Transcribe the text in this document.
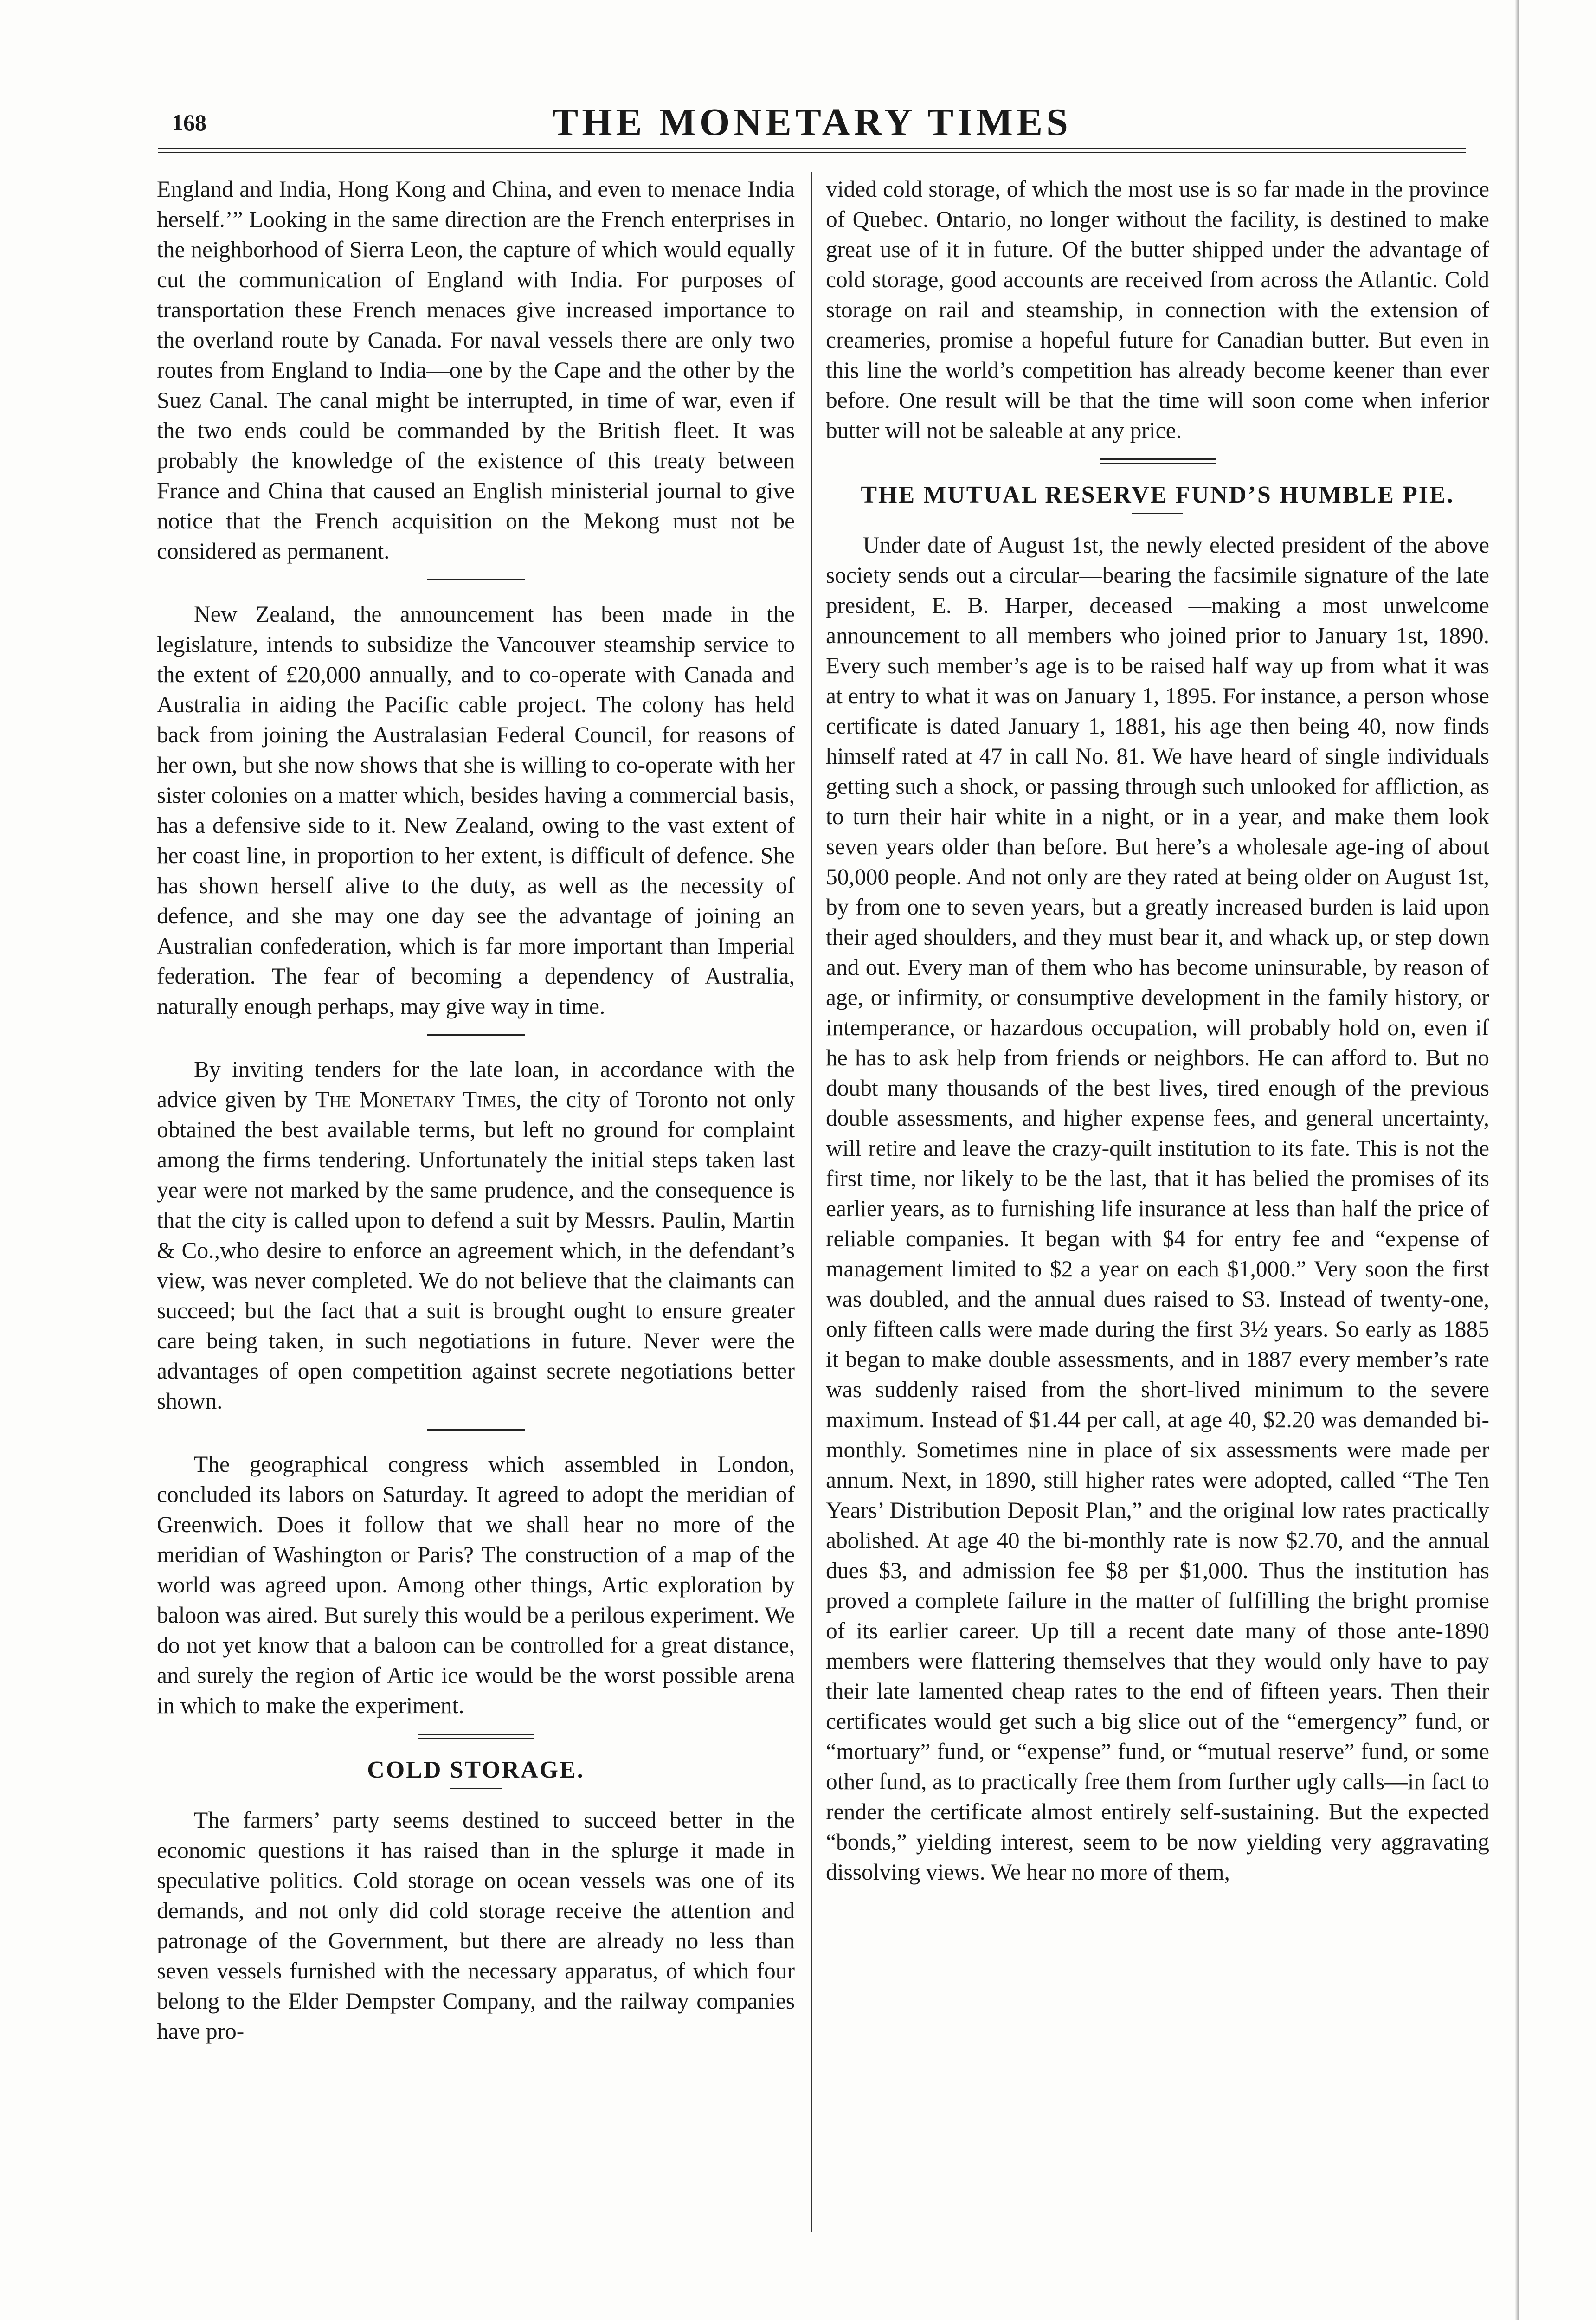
168	THE MONETARY TIMES

England and India, Hong Kong and China, and even to menace India herself.’” Looking in the same direction are the French enterprises in the neighborhood of Sierra Leon, the capture of which would equally cut the communication of England with India. For purposes of transportation these French menaces give increased importance to the overland route by Canada. For naval vessels there are only two routes from England to India—one by the Cape and the other by the Suez Canal. The canal might be interrupted, in time of war, even if the two ends could be commanded by the British fleet. It was probably the knowledge of the existence of this treaty between France and China that caused an English ministerial journal to give notice that the French acquisition on the Mekong must not be considered as permanent.

New Zealand, the announcement has been made in the legislature, intends to subsidize the Vancouver steamship service to the extent of £20,000 annually, and to co-operate with Canada and Australia in aiding the Pacific cable project. The colony has held back from joining the Australasian Federal Council, for reasons of her own, but she now shows that she is willing to co-operate with her sister colonies on a matter which, besides having a commercial basis, has a defensive side to it. New Zealand, owing to the vast extent of her coast line, in proportion to her extent, is difficult of defence. She has shown herself alive to the duty, as well as the necessity of defence, and she may one day see the advantage of joining an Australian confederation, which is far more important than Imperial federation. The fear of becoming a dependency of Australia, naturally enough perhaps, may give way in time.

By inviting tenders for the late loan, in accordance with the advice given by The Monetary Times, the city of Toronto not only obtained the best available terms, but left no ground for complaint among the firms tendering. Unfortunately the initial steps taken last year were not marked by the same prudence, and the consequence is that the city is called upon to defend a suit by Messrs. Paulin, Martin & Co.,who desire to enforce an agreement which, in the defendant’s view, was never completed. We do not believe that the claimants can succeed; but the fact that a suit is brought ought to ensure greater care being taken, in such negotiations in future. Never were the advantages of open competition against secrete negotiations better shown.

The geographical congress which assembled in London, concluded its labors on Saturday. It agreed to adopt the meridian of Greenwich. Does it follow that we shall hear no more of the meridian of Washington or Paris? The construction of a map of the world was agreed upon. Among other things, Artic exploration by baloon was aired. But surely this would be a perilous experiment. We do not yet know that a baloon can be controlled for a great distance, and surely the region of Artic ice would be the worst possible arena in which to make the experiment.

COLD STORAGE.

The farmers’ party seems destined to succeed better in the economic questions it has raised than in the splurge it made in speculative politics. Cold storage on ocean vessels was one of its demands, and not only did cold storage receive the attention and patronage of the Government, but there are already no less than seven vessels furnished with the necessary apparatus, of which four belong to the Elder Dempster Company, and the railway companies have pro-

vided cold storage, of which the most use is so far made in the province of Quebec. Ontario, no longer without the facility, is destined to make great use of it in future. Of the butter shipped under the advantage of cold storage, good accounts are received from across the Atlantic. Cold storage on rail and steamship, in connection with the extension of creameries, promise a hopeful future for Canadian butter. But even in this line the world’s competition has already become keener than ever before. One result will be that the time will soon come when inferior butter will not be saleable at any price.

THE MUTUAL RESERVE FUND’S HUMBLE PIE.

Under date of August 1st, the newly elected president of the above society sends out a circular—bearing the facsimile signature of the late president, E. B. Harper, deceased —making a most unwelcome announcement to all members who joined prior to January 1st, 1890. Every such member’s age is to be raised half way up from what it was at entry to what it was on January 1, 1895. For instance, a person whose certificate is dated January 1, 1881, his age then being 40, now finds himself rated at 47 in call No. 81. We have heard of single individuals getting such a shock, or passing through such unlooked for affliction, as to turn their hair white in a night, or in a year, and make them look seven years older than before. But here’s a wholesale age-ing of about 50,000 people. And not only are they rated at being older on August 1st, by from one to seven years, but a greatly increased burden is laid upon their aged shoulders, and they must bear it, and whack up, or step down and out. Every man of them who has become uninsurable, by reason of age, or infirmity, or consumptive development in the family history, or intemperance, or hazardous occupation, will probably hold on, even if he has to ask help from friends or neighbors. He can afford to. But no doubt many thousands of the best lives, tired enough of the previous double assessments, and higher expense fees, and general uncertainty, will retire and leave the crazy-quilt institution to its fate. This is not the first time, nor likely to be the last, that it has belied the promises of its earlier years, as to furnishing life insurance at less than half the price of reliable companies. It began with $4 for entry fee and “expense of management limited to $2 a year on each $1,000.” Very soon the first was doubled, and the annual dues raised to $3. Instead of twenty-one, only fifteen calls were made during the first 3½ years. So early as 1885 it began to make double assessments, and in 1887 every member’s rate was suddenly raised from the short-lived minimum to the severe maximum. Instead of $1.44 per call, at age 40, $2.20 was demanded bi-monthly. Sometimes nine in place of six assessments were made per annum. Next, in 1890, still higher rates were adopted, called “The Ten Years’ Distribution Deposit Plan,” and the original low rates practically abolished. At age 40 the bi-monthly rate is now $2.70, and the annual dues $3, and admission fee $8 per $1,000. Thus the institution has proved a complete failure in the matter of fulfilling the bright promise of its earlier career. Up till a recent date many of those ante-1890 members were flattering themselves that they would only have to pay their late lamented cheap rates to the end of fifteen years. Then their certificates would get such a big slice out of the “emergency” fund, or “mortuary” fund, or “expense” fund, or “mutual reserve” fund, or some other fund, as to practically free them from further ugly calls—in fact to render the certificate almost entirely self-sustaining. But the expected “bonds,” yielding interest, seem to be now yielding very aggravating dissolving views. We hear no more of them,
